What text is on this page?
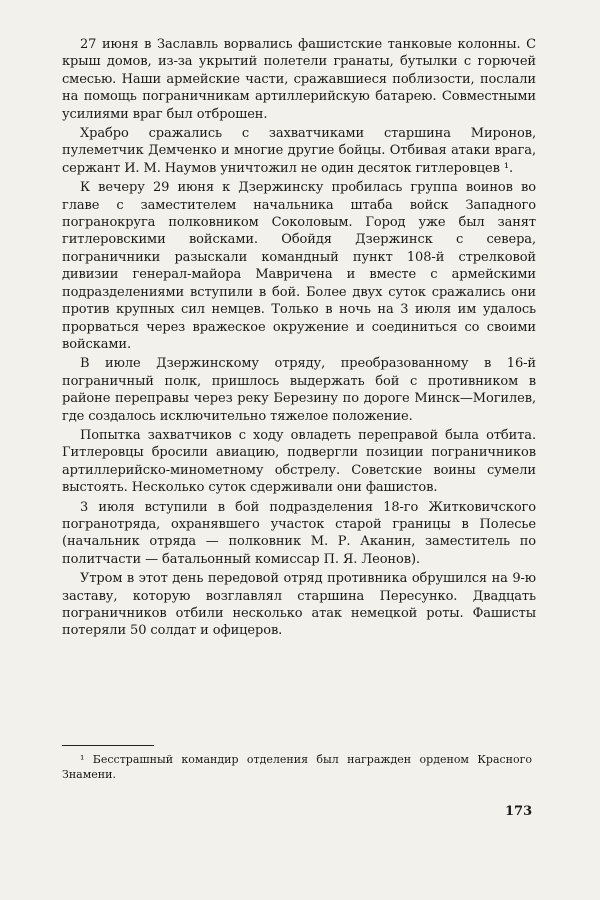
27 июня в Заславль ворвались фашистские танковые колонны. С крыш домов, из-за укрытий полетели гранаты, бутылки с горючей смесью. Наши армейские части, сражавшиеся поблизости, послали на помощь пограничникам артиллерийскую батарею. Совместными усилиями враг был отброшен.

Храбро сражались с захватчиками старшина Миронов, пулеметчик Демченко и многие другие бойцы. Отбивая атаки врага, сержант И. М. Наумов уничтожил не один десяток гитлеровцев ¹.

К вечеру 29 июня к Дзержинску пробилась группа воинов во главе с заместителем начальника штаба войск Западного погранокруга полковником Соколовым. Город уже был занят гитлеровскими войсками. Обойдя Дзержинск с севера, пограничники разыскали командный пункт 108-й стрелковой дивизии генерал-майора Мавричена и вместе с армейскими подразделениями вступили в бой. Более двух суток сражались они против крупных сил немцев. Только в ночь на 3 июля им удалось прорваться через вражеское окружение и соединиться со своими войсками.

В июле Дзержинскому отряду, преобразованному в 16-й пограничный полк, пришлось выдержать бой с противником в районе переправы через реку Березину по дороге Минск—Могилев, где создалось исключительно тяжелое положение.

Попытка захватчиков с ходу овладеть переправой была отбита. Гитлеровцы бросили авиацию, подвергли позиции пограничников артиллерийско-минометному обстрелу. Советские воины сумели выстоять. Несколько суток сдерживали они фашистов.

3 июля вступили в бой подразделения 18-го Житковичского погранотряда, охранявшего участок старой границы в Полесье (начальник отряда — полковник М. Р. Аканин, заместитель по политчасти — батальонный комиссар П. Я. Леонов).

Утром в этот день передовой отряд противника обрушился на 9-ю заставу, которую возглавлял старшина Пересунко. Двадцать пограничников отбили несколько атак немецкой роты. Фашисты потеряли 50 солдат и офицеров.

¹ Бесстрашный командир отделения был награжден орденом Красного Знамени.
173
